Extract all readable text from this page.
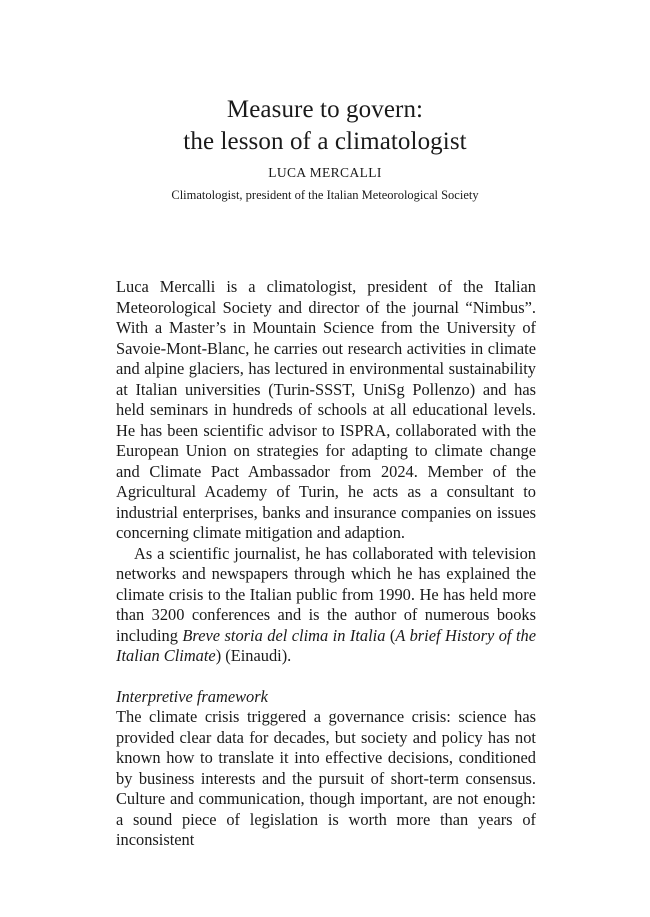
Measure to govern:
the lesson of a climatologist
LUCA MERCALLI
Climatologist, president of the Italian Meteorological Society

Luca Mercalli is a climatologist, president of the Italian Meteorological Society and director of the journal “Nimbus”. With a Master’s in Mountain Science from the University of Savoie-Mont-Blanc, he carries out research activities in climate and alpine glaciers, has lectured in environmental sustainability at Italian universities (Turin-SSST, UniSg Pollenzo) and has held seminars in hundreds of schools at all educational levels. He has been scientific advisor to ISPRA, collaborated with the European Union on strategies for adapting to climate change and Climate Pact Ambassador from 2024. Member of the Agricultural Academy of Turin, he acts as a consultant to industrial enterprises, banks and insurance companies on issues concerning climate mitigation and adaption.

As a scientific journalist, he has collaborated with television networks and newspapers through which he has explained the climate crisis to the Italian public from 1990. He has held more than 3200 conferences and is the author of numerous books including Breve storia del clima in Italia (A brief History of the Italian Climate) (Einaudi).

Interpretive framework

The climate crisis triggered a governance crisis: science has provided clear data for decades, but society and policy has not known how to translate it into effective decisions, conditioned by business interests and the pursuit of short-term consensus. Culture and communication, though important, are not enough: a sound piece of legislation is worth more than years of inconsistent
